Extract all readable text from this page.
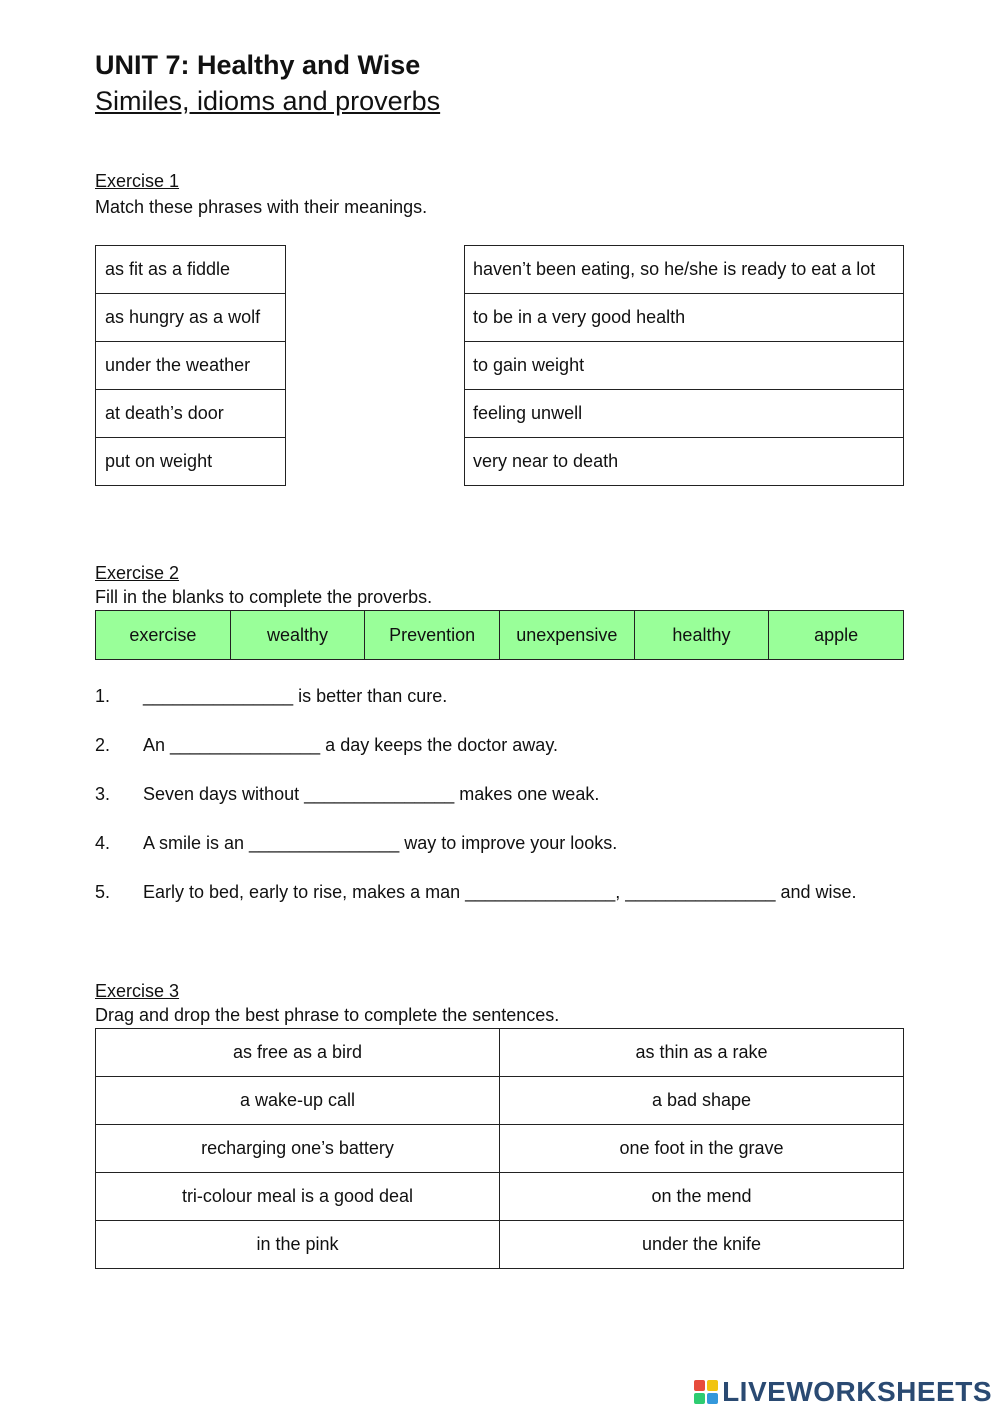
UNIT 7: Healthy and Wise
Similes, idioms and proverbs
Exercise 1
Match these phrases with their meanings.
as fit as a fiddle
as hungry as a wolf
under the weather
at death’s door
put on weight
haven’t been eating, so he/she is ready to eat a lot
to be in a very good health
to gain weight
feeling unwell
very near to death
Exercise 2
Fill in the blanks to complete the proverbs.
exercise	wealthy	Prevention	unexpensive	healthy	apple
1. _______________ is better than cure.
2. An _______________ a day keeps the doctor away.
3. Seven days without _______________ makes one weak.
4. A smile is an _______________ way to improve your looks.
5. Early to bed, early to rise, makes a man _______________, _______________ and wise.
Exercise 3
Drag and drop the best phrase to complete the sentences.
as free as a bird	as thin as a rake
a wake-up call	a bad shape
recharging one’s battery	one foot in the grave
tri-colour meal is a good deal	on the mend
in the pink	under the knife
LIVEWORKSHEETS
